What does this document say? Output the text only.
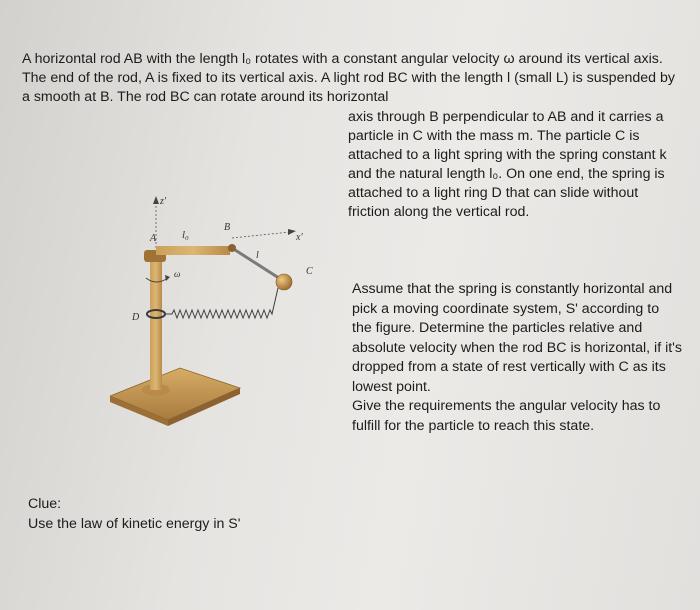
A horizontal rod AB with the length l₀ rotates with a constant angular velocity ω around its vertical axis. The end of the rod, A is fixed to its vertical axis. A light rod BC with the length l (small L) is suspended by a smooth at B. The rod BC can rotate around its horizontal

axis through B perpendicular to AB and it carries a particle in C with the mass m. The particle C is attached to a light spring with the spring constant k and the natural length l₀. On one end, the spring is attached to a light ring D that can slide without friction along the vertical rod.

Assume that the spring is constantly horizontal and pick a moving coordinate system, S' according to the figure. Determine the particles relative and absolute velocity when the rod BC is horizontal, if it's dropped from a state of rest vertically with C as its lowest point.
Give the requirements the angular velocity has to fulfill for the particle to reach this state.
z'
ω
A l₀
B
x'
l
C
D
Clue:
Use the law of kinetic energy in S'
